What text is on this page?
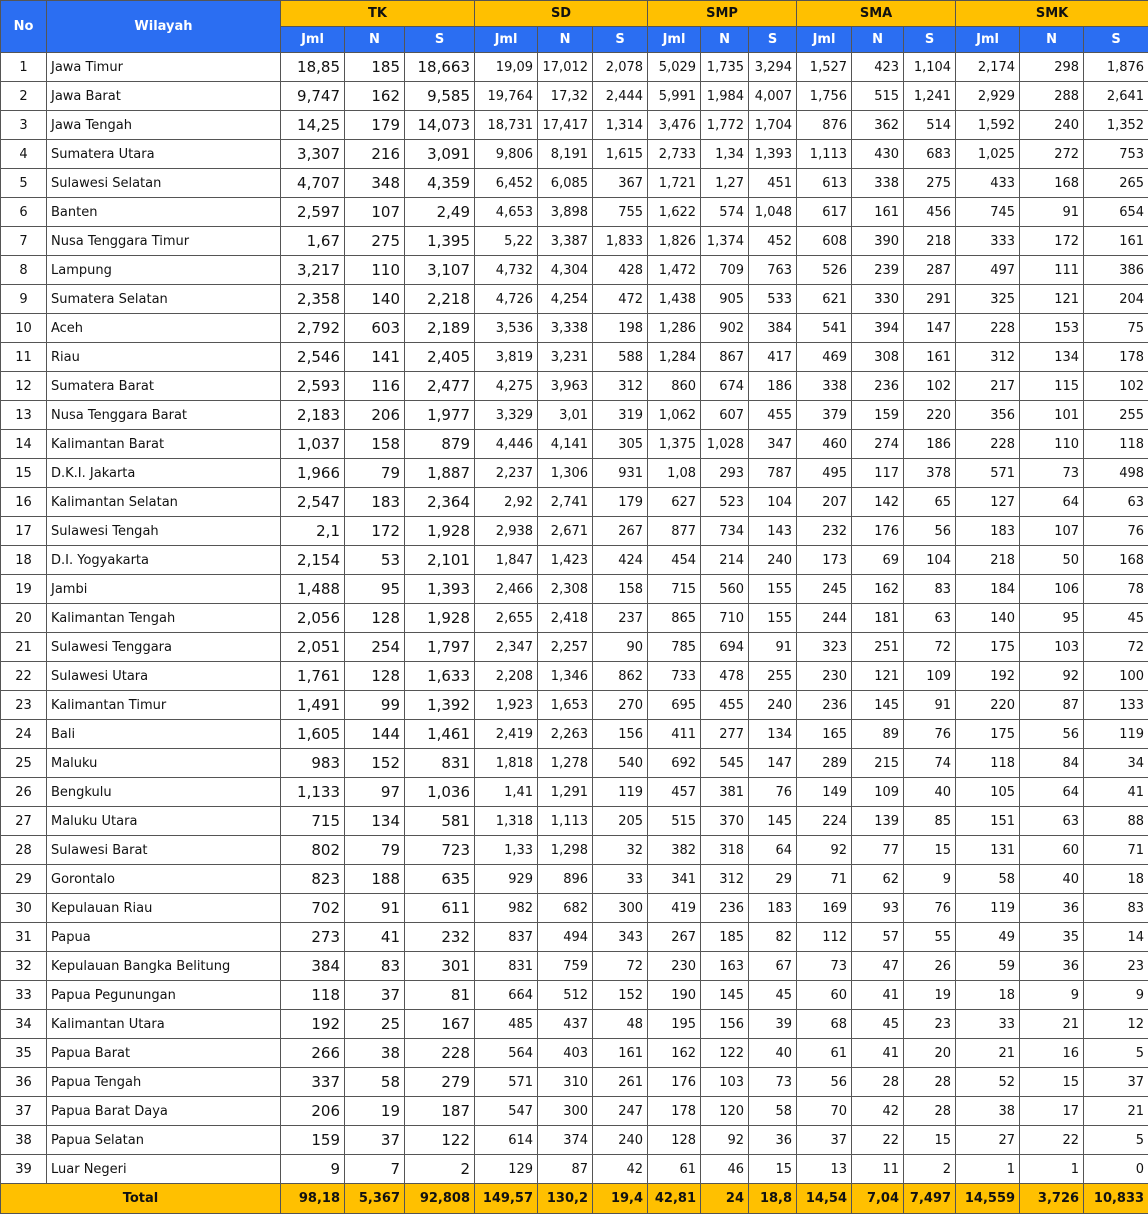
No	Wilayah	TK			SD			SMP			SMA			SMK		
		Jml	N	S	Jml	N	S	Jml	N	S	Jml	N	S	Jml	N	S
1	Jawa Timur	18,85	185	18,663	19,09	17,012	2,078	5,029	1,735	3,294	1,527	423	1,104	2,174	298	1,876
2	Jawa Barat	9,747	162	9,585	19,764	17,32	2,444	5,991	1,984	4,007	1,756	515	1,241	2,929	288	2,641
3	Jawa Tengah	14,25	179	14,073	18,731	17,417	1,314	3,476	1,772	1,704	876	362	514	1,592	240	1,352
4	Sumatera Utara	3,307	216	3,091	9,806	8,191	1,615	2,733	1,34	1,393	1,113	430	683	1,025	272	753
5	Sulawesi Selatan	4,707	348	4,359	6,452	6,085	367	1,721	1,27	451	613	338	275	433	168	265
6	Banten	2,597	107	2,49	4,653	3,898	755	1,622	574	1,048	617	161	456	745	91	654
7	Nusa Tenggara Timur	1,67	275	1,395	5,22	3,387	1,833	1,826	1,374	452	608	390	218	333	172	161
8	Lampung	3,217	110	3,107	4,732	4,304	428	1,472	709	763	526	239	287	497	111	386
9	Sumatera Selatan	2,358	140	2,218	4,726	4,254	472	1,438	905	533	621	330	291	325	121	204
10	Aceh	2,792	603	2,189	3,536	3,338	198	1,286	902	384	541	394	147	228	153	75
11	Riau	2,546	141	2,405	3,819	3,231	588	1,284	867	417	469	308	161	312	134	178
12	Sumatera Barat	2,593	116	2,477	4,275	3,963	312	860	674	186	338	236	102	217	115	102
13	Nusa Tenggara Barat	2,183	206	1,977	3,329	3,01	319	1,062	607	455	379	159	220	356	101	255
14	Kalimantan Barat	1,037	158	879	4,446	4,141	305	1,375	1,028	347	460	274	186	228	110	118
15	D.K.I. Jakarta	1,966	79	1,887	2,237	1,306	931	1,08	293	787	495	117	378	571	73	498
16	Kalimantan Selatan	2,547	183	2,364	2,92	2,741	179	627	523	104	207	142	65	127	64	63
17	Sulawesi Tengah	2,1	172	1,928	2,938	2,671	267	877	734	143	232	176	56	183	107	76
18	D.I. Yogyakarta	2,154	53	2,101	1,847	1,423	424	454	214	240	173	69	104	218	50	168
19	Jambi	1,488	95	1,393	2,466	2,308	158	715	560	155	245	162	83	184	106	78
20	Kalimantan Tengah	2,056	128	1,928	2,655	2,418	237	865	710	155	244	181	63	140	95	45
21	Sulawesi Tenggara	2,051	254	1,797	2,347	2,257	90	785	694	91	323	251	72	175	103	72
22	Sulawesi Utara	1,761	128	1,633	2,208	1,346	862	733	478	255	230	121	109	192	92	100
23	Kalimantan Timur	1,491	99	1,392	1,923	1,653	270	695	455	240	236	145	91	220	87	133
24	Bali	1,605	144	1,461	2,419	2,263	156	411	277	134	165	89	76	175	56	119
25	Maluku	983	152	831	1,818	1,278	540	692	545	147	289	215	74	118	84	34
26	Bengkulu	1,133	97	1,036	1,41	1,291	119	457	381	76	149	109	40	105	64	41
27	Maluku Utara	715	134	581	1,318	1,113	205	515	370	145	224	139	85	151	63	88
28	Sulawesi Barat	802	79	723	1,33	1,298	32	382	318	64	92	77	15	131	60	71
29	Gorontalo	823	188	635	929	896	33	341	312	29	71	62	9	58	40	18
30	Kepulauan Riau	702	91	611	982	682	300	419	236	183	169	93	76	119	36	83
31	Papua	273	41	232	837	494	343	267	185	82	112	57	55	49	35	14
32	Kepulauan Bangka Belitung	384	83	301	831	759	72	230	163	67	73	47	26	59	36	23
33	Papua Pegunungan	118	37	81	664	512	152	190	145	45	60	41	19	18	9	9
34	Kalimantan Utara	192	25	167	485	437	48	195	156	39	68	45	23	33	21	12
35	Papua Barat	266	38	228	564	403	161	162	122	40	61	41	20	21	16	5
36	Papua Tengah	337	58	279	571	310	261	176	103	73	56	28	28	52	15	37
37	Papua Barat Daya	206	19	187	547	300	247	178	120	58	70	42	28	38	17	21
38	Papua Selatan	159	37	122	614	374	240	128	92	36	37	22	15	27	22	5
39	Luar Negeri	9	7	2	129	87	42	61	46	15	13	11	2	1	1	0
Total		98,18	5,367	92,808	149,57	130,2	19,4	42,81	24	18,8	14,54	7,04	7,497	14,559	3,726	10,833
